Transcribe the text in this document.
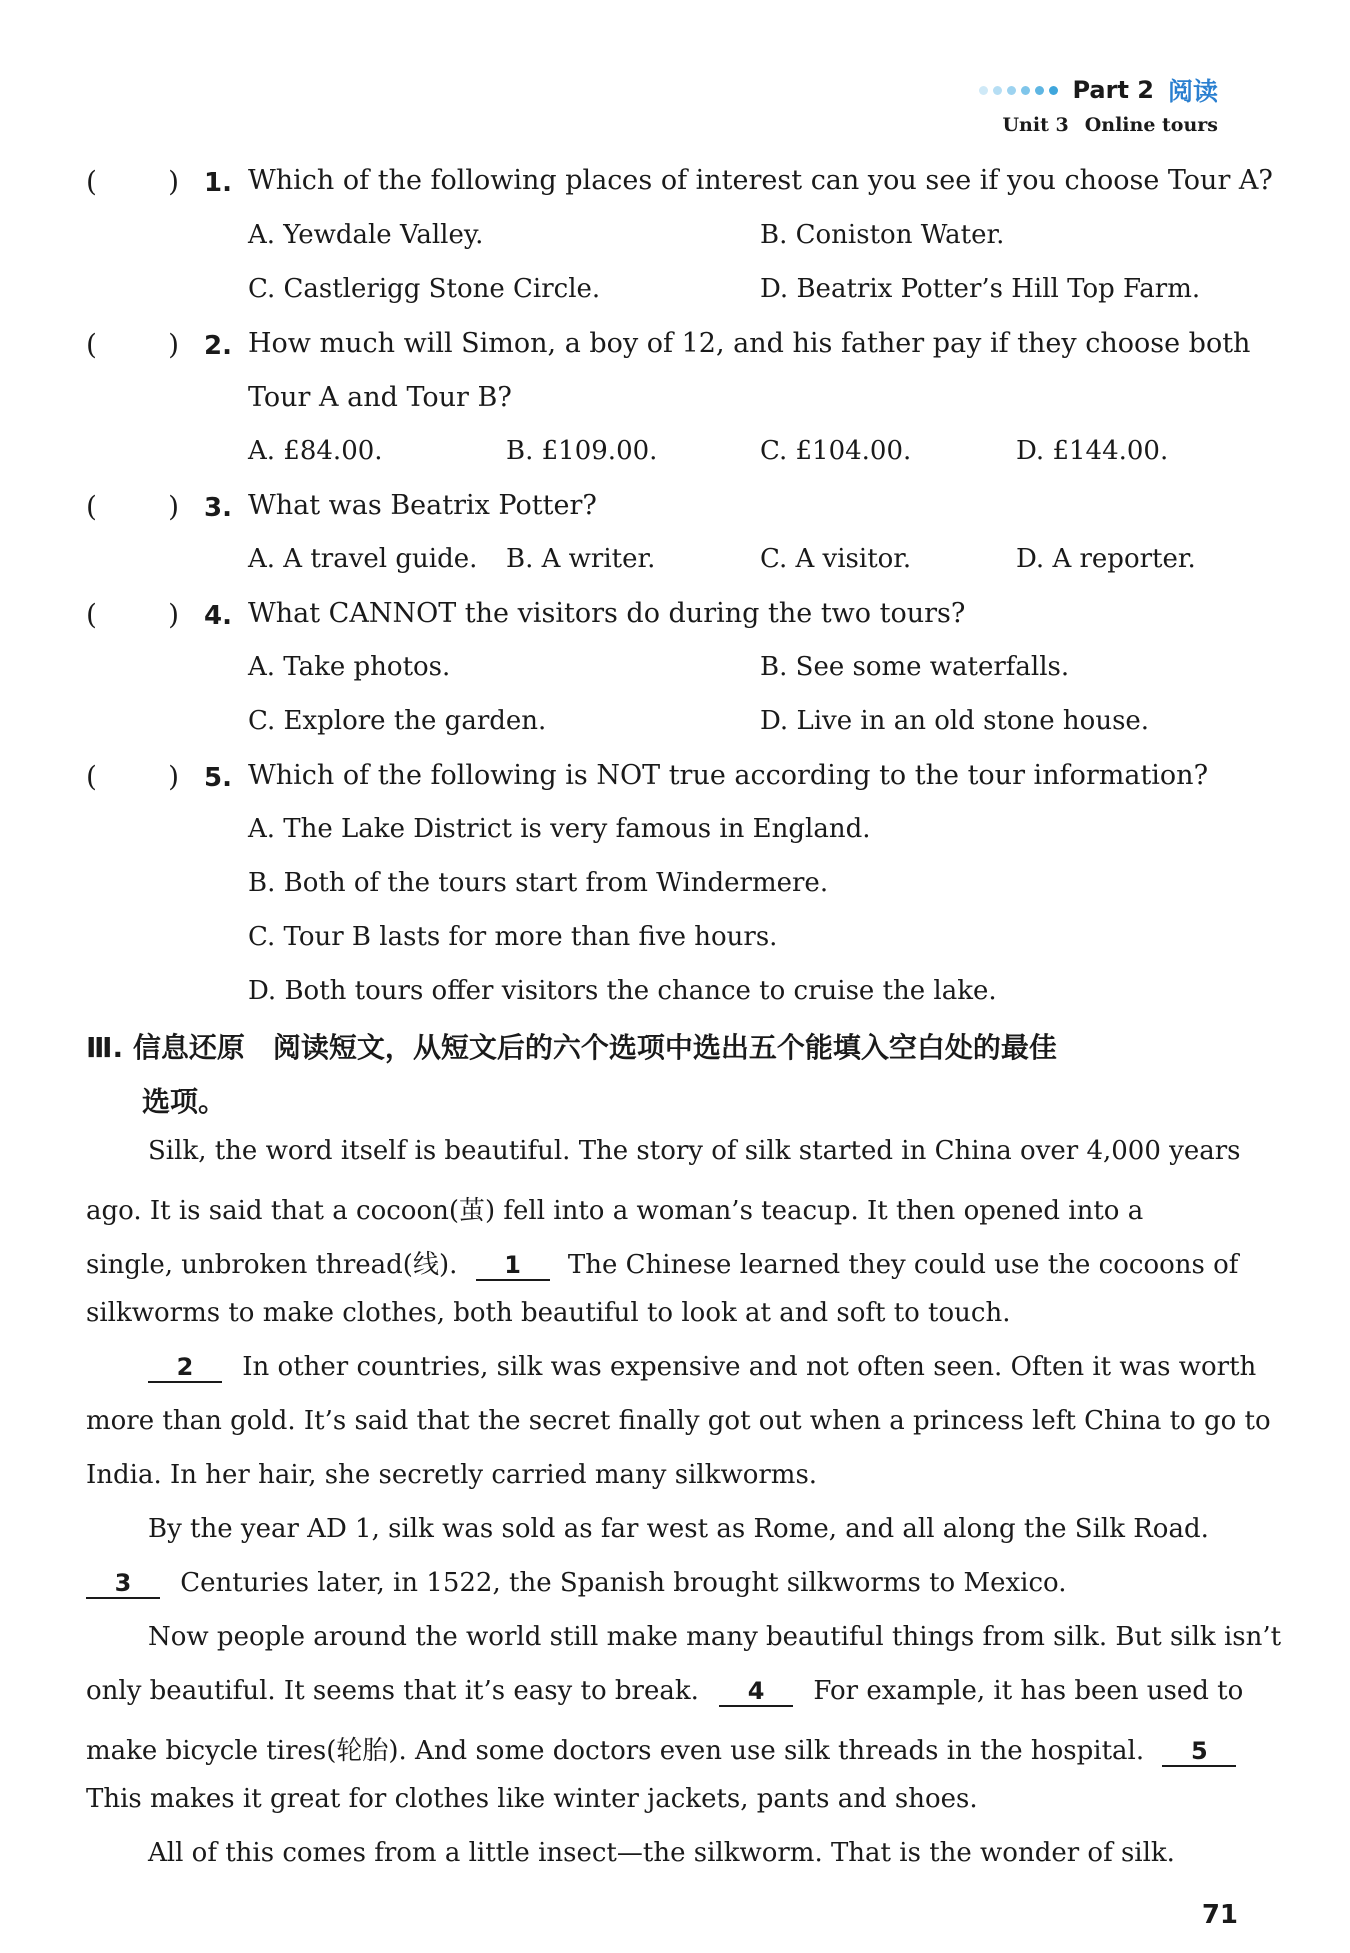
Part 2 阅读
Unit 3 Online tours
(        ) 1. Which of the following places of interest can you see if you choose Tour A?
A. Yewdale Valley.	B. Coniston Water.
C. Castlerigg Stone Circle.	D. Beatrix Potter’s Hill Top Farm.
(        ) 2. How much will Simon, a boy of 12, and his father pay if they choose both
Tour A and Tour B?
A. £84.00.	B. £109.00.	C. £104.00.	D. £144.00.
(        ) 3. What was Beatrix Potter?
A. A travel guide. B. A writer.	C. A visitor.	D. A reporter.
(        ) 4. What CANNOT the visitors do during the two tours?
A. Take photos.	B. See some waterfalls.
C. Explore the garden.	D. Live in an old stone house.
(        ) 5. Which of the following is NOT true according to the tour information?
A. The Lake District is very famous in England.
B. Both of the tours start from Windermere.
C. Tour B lasts for more than five hours.
D. Both tours offer visitors the chance to cruise the lake.
Ⅲ. 信息还原　阅读短文，从短文后的六个选项中选出五个能填入空白处的最佳
选项。
Silk, the word itself is beautiful. The story of silk started in China over 4,000 years
ago. It is said that a cocoon(茧) fell into a woman’s teacup. It then opened into a
single, unbroken thread(线). 1 The Chinese learned they could use the cocoons of
silkworms to make clothes, both beautiful to look at and soft to touch.
2 In other countries, silk was expensive and not often seen. Often it was worth
more than gold. It’s said that the secret finally got out when a princess left China to go to
India. In her hair, she secretly carried many silkworms.
By the year AD 1, silk was sold as far west as Rome, and all along the Silk Road.
3 Centuries later, in 1522, the Spanish brought silkworms to Mexico.
Now people around the world still make many beautiful things from silk. But silk isn’t
only beautiful. It seems that it’s easy to break. 4 For example, it has been used to
make bicycle tires(轮胎). And some doctors even use silk threads in the hospital. 5
This makes it great for clothes like winter jackets, pants and shoes.
All of this comes from a little insect—the silkworm. That is the wonder of silk.
71
